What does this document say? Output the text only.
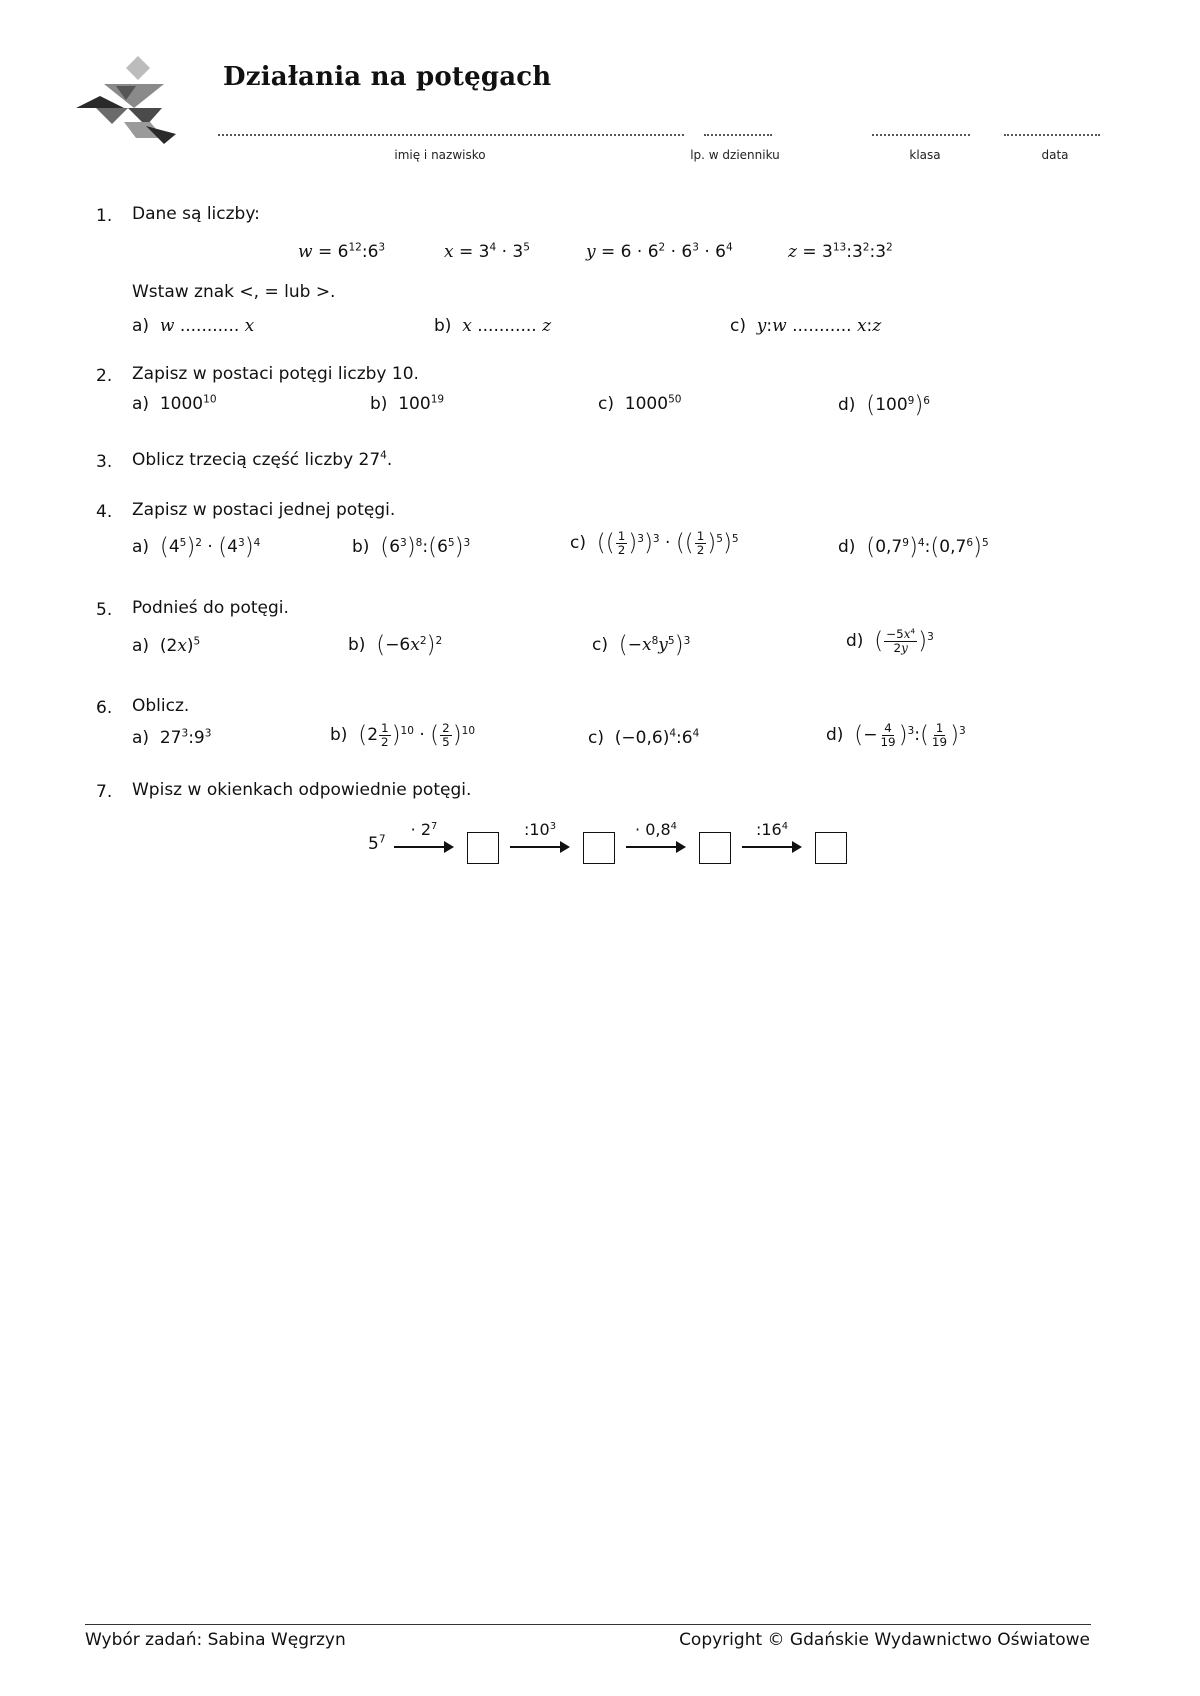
Działania na potęgach
imię i nazwisko	lp. w dzienniku	klasa	data
1. Dane są liczby:
$w = 6^{12}:6^3$	$x = 3^4 \cdot 3^5$	$y = 6 \cdot 6^2 \cdot 6^3 \cdot 6^4$	$z = 3^{13}:3^2:3^2$
Wstaw znak <, = lub >.
a)  w ........... x	b)  x ........... z	c)  y:w ........... x:z
2. Zapisz w postaci potęgi liczby 10.
a)  1000$^{10}$	b)  $100^{19}$	c)  1000$^{50}$	d)  $(100^9)^6$
3. Oblicz trzecią część liczby $27^4$.
4. Zapisz w postaci jednej potęgi.
a)  $(4^5)^2 \cdot (4^3)^4$	b)  $(6^3)^8:(6^5)^3$	c)  (( $\frac{1}{2} )^3)^3$ · (( $\frac{1}{2} )^5)^5$	d)  $(0,7^9)^4:(0,7^6)^5$
5. Podnieś do potęgi.
a)  $(2x)^5$	b)  $(-6x^2)^2$	c)  $(-x^8y^5)^3$	d)  ( $\frac{-5x^4}{2y} )^3$
6. Oblicz.
a)  $27^3:9^3$	b)  $(2 \frac{1}{2} )^{10}$ · ( $\frac{2}{5} )^{10}$	c)  $(-0,6)^4:6^4$	d)  (− $\frac{4}{19}$ )$^3$:( $\frac{1}{19} )^3$
7. Wpisz w okienkach odpowiednie potęgi.
$5^7$
· $2^7$	$:10^3$	· $0,8^4$	$:16^4$
Wybór zadań: Sabina Węgrzyn	Copyright © Gdańskie Wydawnictwo Oświatowe
